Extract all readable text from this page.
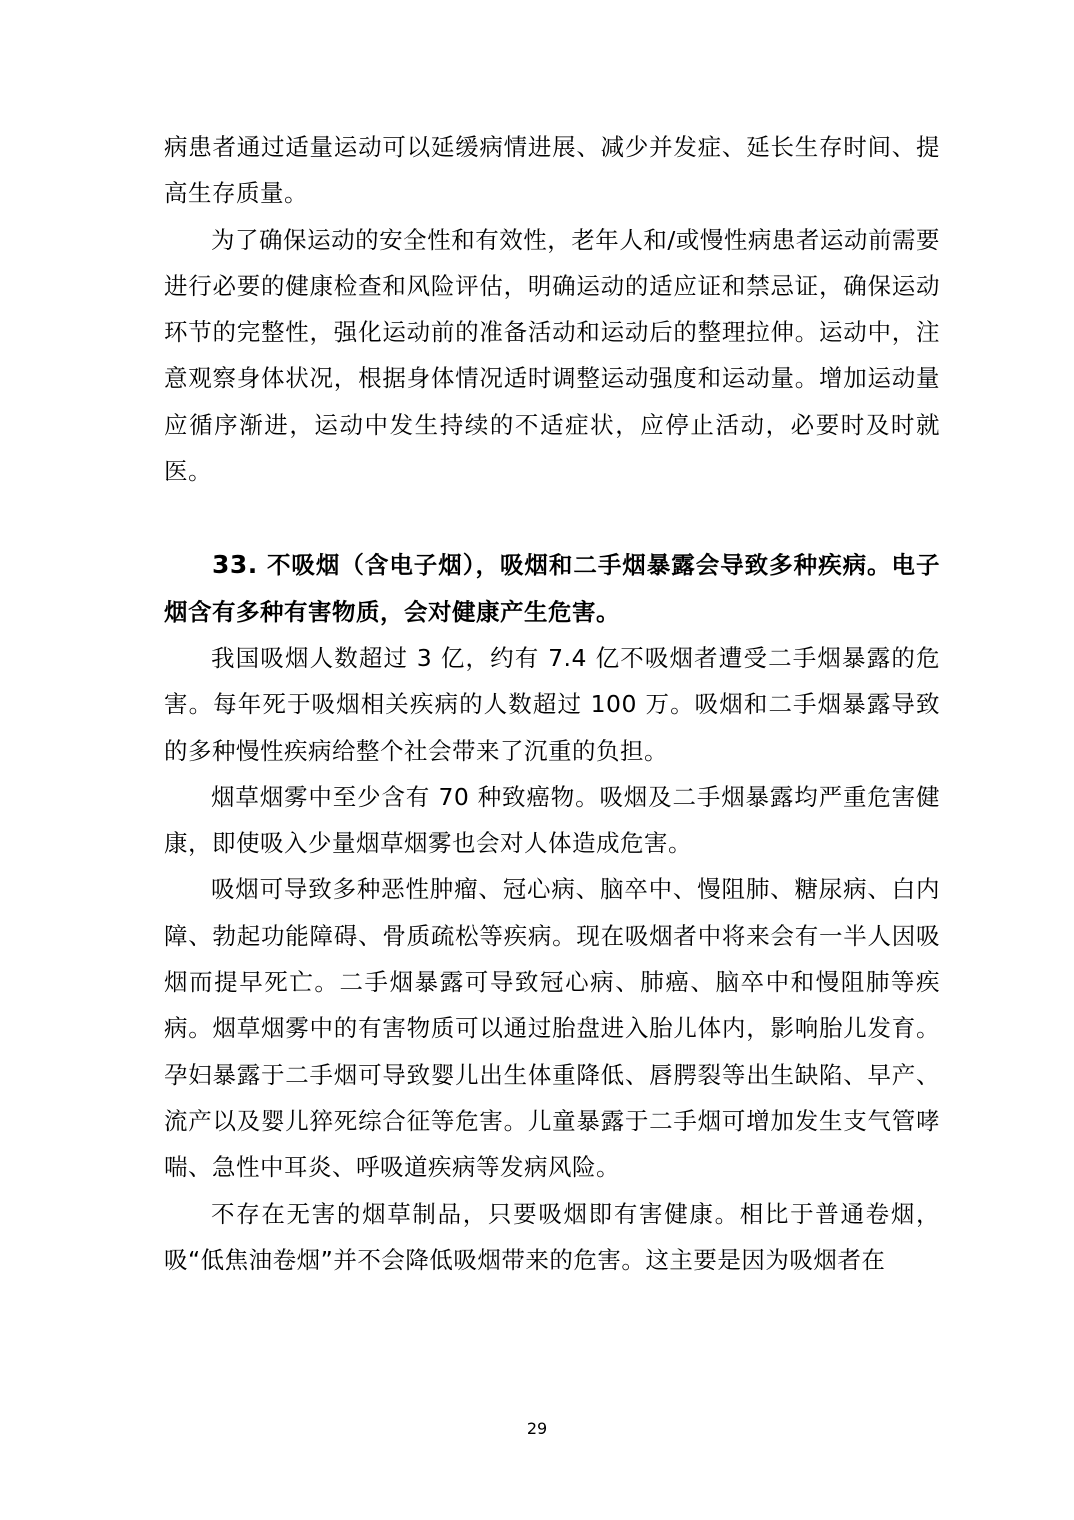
病患者通过适量运动可以延缓病情进展、减少并发症、延长生存时间、提高生存质量。

为了确保运动的安全性和有效性，老年人和/或慢性病患者运动前需要进行必要的健康检查和风险评估，明确运动的适应证和禁忌证，确保运动环节的完整性，强化运动前的准备活动和运动后的整理拉伸。运动中，注意观察身体状况，根据身体情况适时调整运动强度和运动量。增加运动量应循序渐进，运动中发生持续的不适症状，应停止活动，必要时及时就医。

33. 不吸烟（含电子烟），吸烟和二手烟暴露会导致多种疾病。电子烟含有多种有害物质，会对健康产生危害。

我国吸烟人数超过 3 亿，约有 7.4 亿不吸烟者遭受二手烟暴露的危害。每年死于吸烟相关疾病的人数超过 100 万。吸烟和二手烟暴露导致的多种慢性疾病给整个社会带来了沉重的负担。

烟草烟雾中至少含有 70 种致癌物。吸烟及二手烟暴露均严重危害健康，即使吸入少量烟草烟雾也会对人体造成危害。

吸烟可导致多种恶性肿瘤、冠心病、脑卒中、慢阻肺、糖尿病、白内障、勃起功能障碍、骨质疏松等疾病。现在吸烟者中将来会有一半人因吸烟而提早死亡。二手烟暴露可导致冠心病、肺癌、脑卒中和慢阻肺等疾病。烟草烟雾中的有害物质可以通过胎盘进入胎儿体内，影响胎儿发育。孕妇暴露于二手烟可导致婴儿出生体重降低、唇腭裂等出生缺陷、早产、流产以及婴儿猝死综合征等危害。儿童暴露于二手烟可增加发生支气管哮喘、急性中耳炎、呼吸道疾病等发病风险。

不存在无害的烟草制品，只要吸烟即有害健康。相比于普通卷烟，吸“低焦油卷烟”并不会降低吸烟带来的危害。这主要是因为吸烟者在

29
